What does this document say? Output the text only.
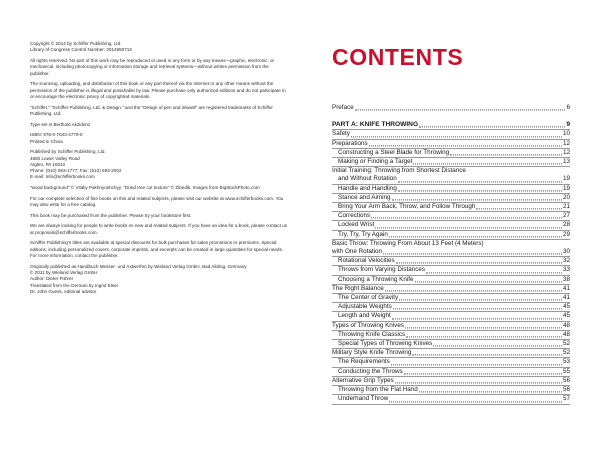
Copyright © 2014 by Schiffer Publishing, Ltd.
Library of Congress Control Number: 2014950716

All rights reserved. No part of this work may be reproduced or used in any form or by any means—graphic, electronic, or mechanical, including photocopying or information storage and retrieval systems—without written permission from the publisher.

The scanning, uploading, and distribution of this book or any part thereof via the Internet or any other means without the permission of the publisher is illegal and punishable by law. Please purchase only authorized editions and do not participate in or encourage the electronic piracy of copyrighted materials.

"Schiffer," "Schiffer Publishing, Ltd. & Design," and the "Design of pen and inkwell" are registered trademarks of Schiffer Publishing, Ltd.

Type set in Berthold Akzidenz

ISBN: 978-0-7643-4779-5
Printed in China

Published by Schiffer Publishing, Ltd.
4880 Lower Valley Road
Atglen, PA 19310
Phone: (610) 593-1777; Fax: (610) 593-2002
E-mail: Info@schifferbooks.com

"wood background" © Vitaliy Pakhnyushchyy. "Dried tree cut texture" © Zibedik. Images from BigStockPhoto.com

For our complete selection of fine books on this and related subjects, please visit our website at www.schifferbooks.com. You may also write for a free catalog.

This book may be purchased from the publisher. Please try your bookstore first.

We are always looking for people to write books on new and related subjects. If you have an idea for a book, please contact us at proposals@schifferbooks.com.

Schiffer Publishing's titles are available at special discounts for bulk purchases for sales promotions or premiums. Special editions, including personalized covers, corporate imprints, and excerpts can be created in large quantities for special needs. For more information, contact the publisher.

Originally published as Handbuch Messer- und Axtwerfen by Wieland Verlag GmbH, Bad Aibling, Germany
© 2011 by Wieland Verlag GmbH
Author: Dieter Führer
Translated from the German by Ingrid Elser
Dr. John Guess, editorial advisor

CONTENTS
Preface	6
PART A: KNIFE THROWING	9
Safety	10
Preparations	12
Constructing a Steel Blade for Throwing	12
Making or Finding a Target	13
Initial Training: Throwing from Shortest Distance
and Without Rotation	19
Handle and Handling	19
Stance and Aiming	20
Bring Your Arm Back, Throw, and Follow Through	21
Corrections	27
Locked Wrist	28
Try, Try, Try Again	29
Basic Throw: Throwing From About 13 Feet (4 Meters)
with One Rotation	30
Rotational Velocities	32
Throws from Varying Distances	33
Choosing a Throwing Knife	38
The Right Balance	41
The Center of Gravity	41
Adjustable Weights	45
Length and Weight	45
Types of Throwing Knives	48
Throwing Knife Classics	48
Special Types of Throwing Knives	52
Military Style Knife Throwing	52
The Requirements	53
Conducting the Throws	55
Alternative Grip Types	56
Throwing from the Flat Hand	56
Underhand Throw	57
